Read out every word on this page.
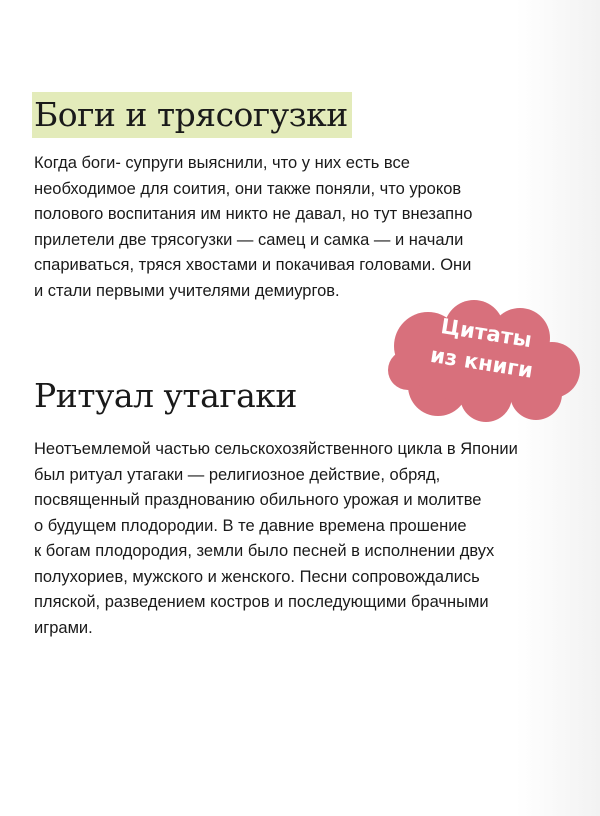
Боги и трясогузки

Когда боги- супруги выяснили, что у них есть все
необходимое для соития, они также поняли, что уроков
полового воспитания им никто не давал, но тут внезапно
прилетели две трясогузки — самец и самка — и начали
спариваться, тряся хвостами и покачивая головами. Они
и стали первыми учителями демиургов.

Цитаты
из книги
Ритуал утагаки

Неотъемлемой частью сельскохозяйственного цикла в Японии
был ритуал утагаки — религиозное действие, обряд,
посвященный празднованию обильного урожая и молитве
о будущем плодородии. В те давние времена прошение
к богам плодородия, земли было песней в исполнении двух
полухориев, мужского и женского. Песни сопровождались
пляской, разведением костров и последующими брачными
играми.
